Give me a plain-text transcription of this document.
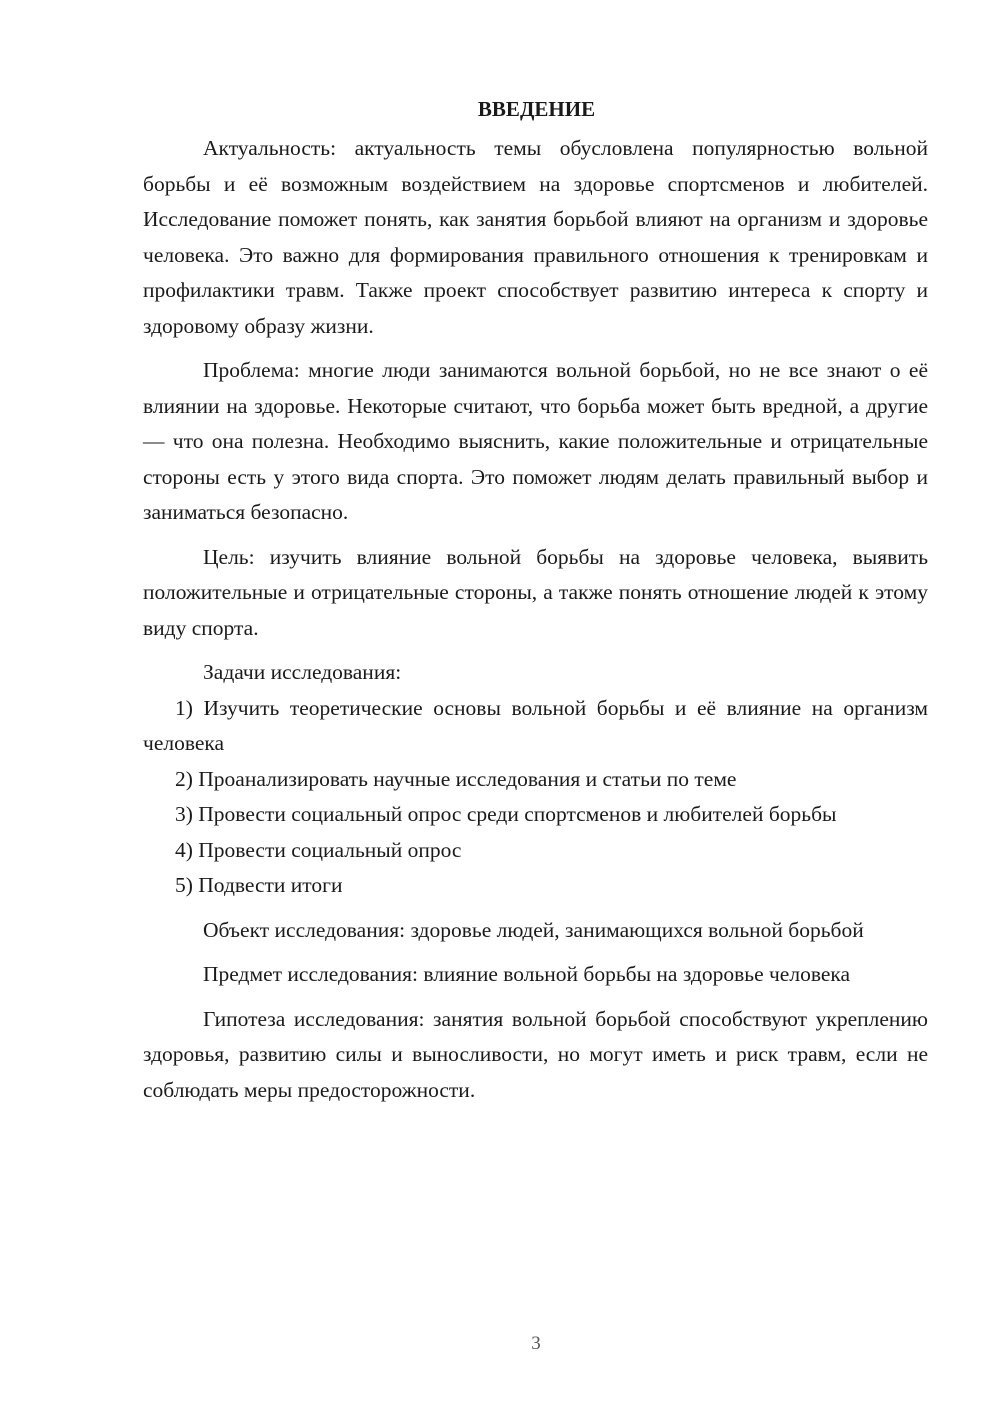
ВВЕДЕНИЕ

Актуальность: актуальность темы обусловлена популярностью вольной борьбы и её возможным воздействием на здоровье спортсменов и любителей. Исследование поможет понять, как занятия борьбой влияют на организм и здоровье человека. Это важно для формирования правильного отношения к тренировкам и профилактики травм. Также проект способствует развитию интереса к спорту и здоровому образу жизни.

Проблема: многие люди занимаются вольной борьбой, но не все знают о её влиянии на здоровье. Некоторые считают, что борьба может быть вредной, а другие — что она полезна. Необходимо выяснить, какие положительные и отрицательные стороны есть у этого вида спорта. Это поможет людям делать правильный выбор и заниматься безопасно.

Цель: изучить влияние вольной борьбы на здоровье человека, выявить положительные и отрицательные стороны, а также понять отношение людей к этому виду спорта.

Задачи исследования:

1) Изучить теоретические основы вольной борьбы и её влияние на организм человека

2) Проанализировать научные исследования и статьи по теме

3) Провести социальный опрос среди спортсменов и любителей борьбы

4) Провести социальный опрос

5) Подвести итоги

Объект исследования: здоровье людей, занимающихся вольной борьбой

Предмет исследования: влияние вольной борьбы на здоровье человека

Гипотеза исследования: занятия вольной борьбой способствуют укреплению здоровья, развитию силы и выносливости, но могут иметь и риск травм, если не соблюдать меры предосторожности.

3
